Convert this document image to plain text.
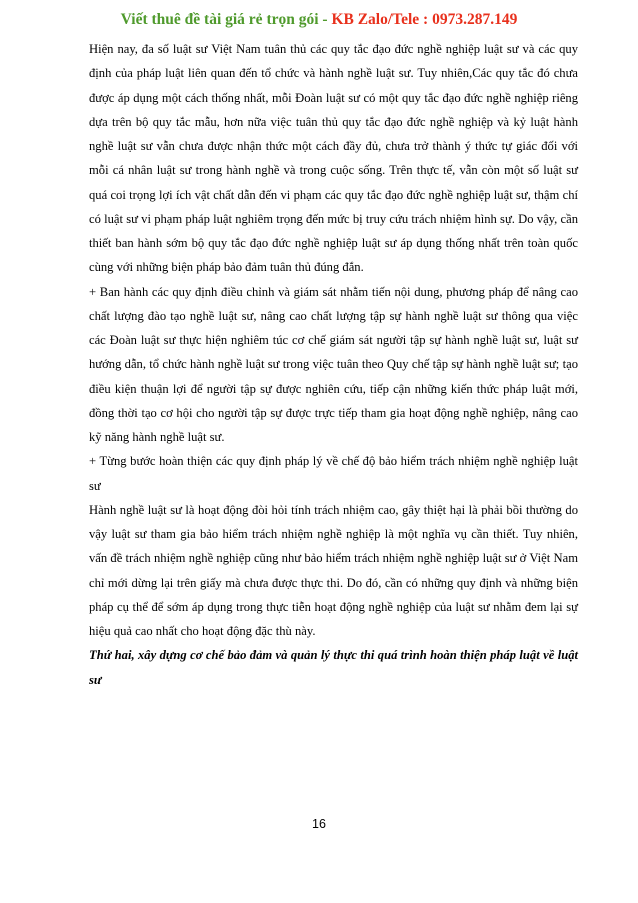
Viết thuê đề tài giá rẻ trọn gói - KB Zalo/Tele : 0973.287.149

Hiện nay, đa số luật sư Việt Nam tuân thủ các quy tắc đạo đức nghề nghiệp luật sư và các quy định của pháp luật liên quan đến tổ chức và hành nghề luật sư. Tuy nhiên,Các quy tắc đó chưa được áp dụng một cách thống nhất, mỗi Đoàn luật sư có một quy tắc đạo đức nghề nghiệp riêng dựa trên bộ quy tắc mẫu, hơn nữa việc tuân thủ quy tắc đạo đức nghề nghiệp và kỷ luật hành nghề luật sư vẫn chưa được nhận thức một cách đầy đủ, chưa trở thành ý thức tự giác đối với mỗi cá nhân luật sư trong hành nghề và trong cuộc sống. Trên thực tế, vẫn còn một số luật sư quá coi trọng lợi ích vật chất dẫn đến vi phạm các quy tắc đạo đức nghề nghiệp luật sư, thậm chí có luật sư vi phạm pháp luật nghiêm trọng đến mức bị truy cứu trách nhiệm hình sự. Do vậy, cần thiết ban hành sớm bộ quy tắc đạo đức nghề nghiệp luật sư áp dụng thống nhất trên toàn quốc cùng với những biện pháp bảo đảm tuân thủ đúng đắn.

+ Ban hành các quy định điều chỉnh và giám sát nhằm tiến nội dung, phương pháp để nâng cao chất lượng đào tạo nghề luật sư, nâng cao chất lượng tập sự hành nghề luật sư thông qua việc các Đoàn luật sư thực hiện nghiêm túc cơ chế giám sát người tập sự hành nghề luật sư, luật sư hướng dẫn, tổ chức hành nghề luật sư trong việc tuân theo Quy chế tập sự hành nghề luật sư; tạo điều kiện thuận lợi để người tập sự được nghiên cứu, tiếp cận những kiến thức pháp luật mới, đồng thời tạo cơ hội cho người tập sự được trực tiếp tham gia hoạt động nghề nghiệp, nâng cao kỹ năng hành nghề luật sư.

+ Từng bước hoàn thiện các quy định pháp lý về chế độ bảo hiểm trách nhiệm nghề nghiệp luật sư

Hành nghề luật sư là hoạt động đòi hỏi tính trách nhiệm cao, gây thiệt hại là phải bồi thường do vậy luật sư tham gia bảo hiểm trách nhiệm nghề nghiệp là một nghĩa vụ cần thiết. Tuy nhiên, vấn đề trách nhiệm nghề nghiệp cũng như bảo hiểm trách nhiệm nghề nghiệp luật sư ở Việt Nam chỉ mới dừng lại trên giấy mà chưa được thực thi. Do đó, cần có những quy định và những biện pháp cụ thể để sớm áp dụng trong thực tiễn hoạt động nghề nghiệp của luật sư nhằm đem lại sự hiệu quả cao nhất cho hoạt động đặc thù này.

Thứ hai, xây dựng cơ chế bảo đảm và quản lý thực thi quá trình hoàn thiện pháp luật về luật sư

16
